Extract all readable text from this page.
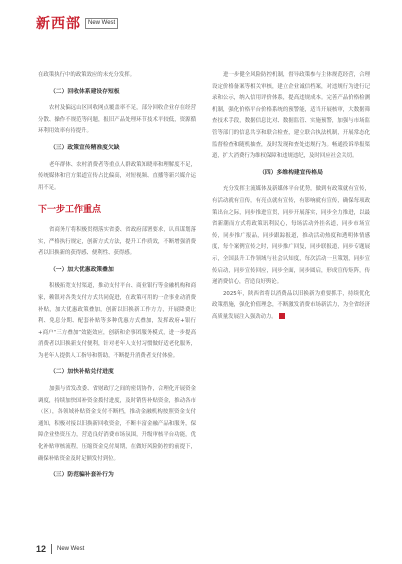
新西部	New West

在政策执行中的政策效应的未充分发挥。

（二）回收体系建设存短板

农村及偏远山区回收网点覆盖率不足，部分回收企业存在经营分散、操作不规范等问题，报旧产品处理环节技术平较低，资源循环利用效率有待提升。

（三）政策宣传精准度欠缺

老年群体、农村消费者等重点人群政策知晓率和理解度不足，传统媒体和官方渠道宣传占比偏高，对短视频、直播等新兴媒介运用不足。

下一步工作重点

省商务厅将积极贯彻落实省委、省政府部署要求，认真谋划落实，严格执行规定，创新方式方法，提升工作质效，不断增强消费者以旧换新的获得感、便利性、获得感。

（一）加大优惠政策叠加

积极拓宽支付渠道，推动支付平台、商业银行等金融机构和商家，赖银对各类支付方式共同促进，在政策可用的一企事业动消费补贴，加大优惠政策叠加，创新以旧换新工作方力，开展降费让利、免息分期、配套补贴等多种优惠方式叠加，发挥政府+银行+商户“三方叠加”效能效应，创新和企事团服务模式，进一步提高消费者以旧换新支付便利，针对老年人支付习惯做好适老化服务，为老年人提供人工指导和帮助，不断提升消费者支付体验。

（二）加快补贴兑付进度

加强与省发改委、省财政厅之间的密切协作，合理化开展资金调度，持续加快国补资金拨付进度，及时销售补贴资金，推动各市（区），各领域补贴资金支付不断档，推动金融机构按照资金支付通知，积极对接以旧换新回收资金，不断丰富金融产品和服务，保障企业垫资压力，营造良好消费市场氛围，升级审核平台功能，优化补贴审核流程，压缩资金兑付周期，在做好风险防控的前提下，确保补贴资金及时足额发付到位。

（三）防范骗补套补行为

进一步健全风险防控机制，督导政策参与主体规范经营，合理设定价格备案等相关审核，建立企业诚信档案，对违规行为进行记录和公示，纳入信用评价体系，提高违规成本。完善产品价格检测机制，强化价格平台价格系统的预警能，适当开展核审，大数据筛查技术手段，数据信息比对、数据监管、实施预警，加强与市场监管等部门的信息共享和联合检查，建立联合执法机制，开展常态化监督检查和随机抽查，及时发现和查处违规行为。畅通投诉举报渠道，扩大消费行为维权保障和违规违纪，及时回应社会关切。

（四）多维构建宣传格局

充分发挥主流媒体及新媒体平台优势，做到有政策就有宣传，有活动就有宣传，有亮点就有宣传，有影响就有宣传，确保每项政策出台之际，同步推进宣贯，同步开展落实，同步全力推进，以最省新潮而方式将政策讯利民心，每场活动外挂名道，同步市场宣传，同步推广报品，同步跟踪报道，推动活动热度和透明体情感度，每个案例宣传之时，同步推广回复，同步联报道，同步专题展示，全国县升工作领域与社会认知度，每次活动一旦策划，同步宣传启动，同步宣传回应，同步全面，同步圆启，形成宣传矩阵，传递消费信心，营造良好舆论。

2025年，陕西省将以消费品以旧换新为重要抓手，持续优化政策措施，强化价值理念，不断激发消费市场新活力，为全省经济高质量发展注入强劲动力。

12 New West
